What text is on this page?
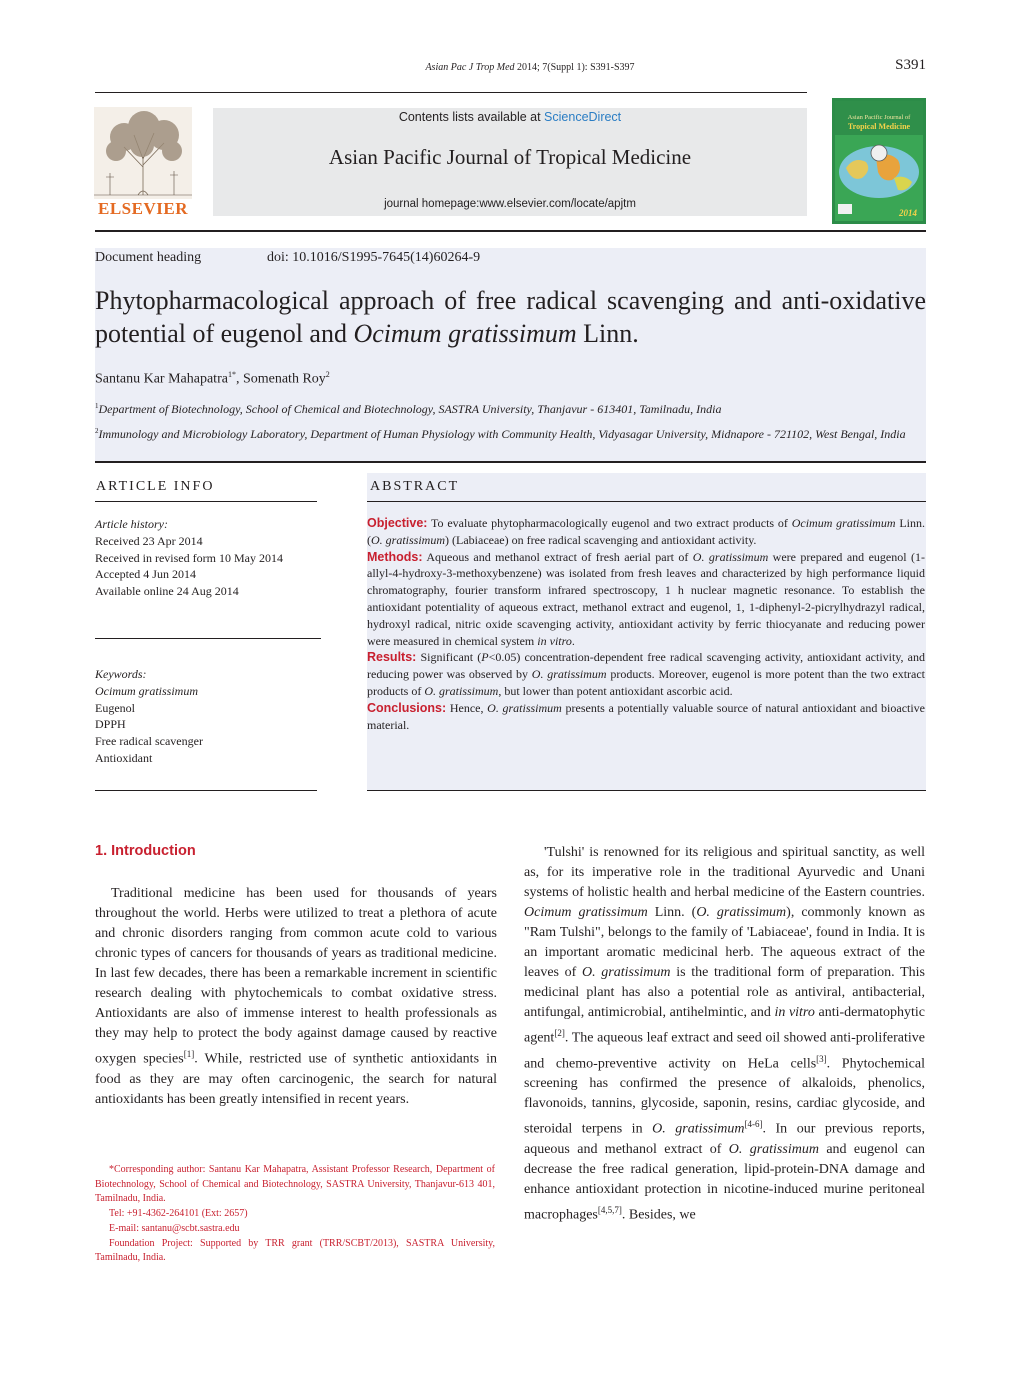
Asian Pac J Trop Med 2014; 7(Suppl 1): S391-S397	S391
ELSEVIER
Contents lists available at ScienceDirect
Asian Pacific Journal of Tropical Medicine
journal homepage:www.elsevier.com/locate/apjtm
Asian Pacific Journal of
Tropical Medicine
2014
Document heading	doi: 10.1016/S1995-7645(14)60264-9
Phytopharmacological approach of free radical scavenging and anti-oxidative potential of eugenol and Ocimum gratissimum Linn.
Santanu Kar Mahapatra$^{1*}$, Somenath Roy$^2$
$^1$Department of Biotechnology, School of Chemical and Biotechnology, SASTRA University, Thanjavur - 613401, Tamilnadu, India
$^2$Immunology and Microbiology Laboratory, Department of Human Physiology with Community Health, Vidyasagar University, Midnapore - 721102, West Bengal, India
ARTICLE INFO
Article history:
Received 23 Apr 2014
Received in revised form 10 May 2014
Accepted 4 Jun 2014
Available online 24 Aug 2014
Keywords:
Ocimum gratissimum
Eugenol
DPPH
Free radical scavenger
Antioxidant
ABSTRACT
Objective: To evaluate phytopharmacologically eugenol and two extract products of Ocimum gratissimum Linn. (O. gratissimum) (Labiaceae) on free radical scavenging and antioxidant activity.
Methods: Aqueous and methanol extract of fresh aerial part of O. gratissimum were prepared and eugenol (1-allyl-4-hydroxy-3-methoxybenzene) was isolated from fresh leaves and characterized by high performance liquid chromatography, fourier transform infrared spectroscopy, 1 h nuclear magnetic resonance. To establish the antioxidant potentiality of aqueous extract, methanol extract and eugenol, 1, 1-diphenyl-2-picrylhydrazyl radical, hydroxyl radical, nitric oxide scavenging activity, antioxidant activity by ferric thiocyanate and reducing power were measured in chemical system in vitro.
Results: Significant (P<0.05) concentration-dependent free radical scavenging activity, antioxidant activity, and reducing power was observed by O. gratissimum products. Moreover, eugenol is more potent than the two extract products of O. gratissimum, but lower than potent antioxidant ascorbic acid.
Conclusions: Hence, O. gratissimum presents a potentially valuable source of natural antioxidant and bioactive material.
1. Introduction

Traditional medicine has been used for thousands of years throughout the world. Herbs were utilized to treat a plethora of acute and chronic disorders ranging from common acute cold to various chronic types of cancers for thousands of years as traditional medicine. In last few decades, there has been a remarkable increment in scientific research dealing with phytochemicals to combat oxidative stress. Antioxidants are also of immense interest to health professionals as they may help to protect the body against damage caused by reactive oxygen species[1]. While, restricted use of synthetic antioxidants in food as they are may often carcinogenic, the search for natural antioxidants has been greatly intensified in recent years.

'Tulshi' is renowned for its religious and spiritual sanctity, as well as, for its imperative role in the traditional Ayurvedic and Unani systems of holistic health and herbal medicine of the Eastern countries. Ocimum gratissimum Linn. (O. gratissimum), commonly known as "Ram Tulshi", belongs to the family of 'Labiaceae', found in India. It is an important aromatic medicinal herb. The aqueous extract of the leaves of O. gratissimum is the traditional form of preparation. This medicinal plant has also a potential role as antiviral, antibacterial, antifungal, antimicrobial, antihelmintic, and in vitro anti-dermatophytic agent[2]. The aqueous leaf extract and seed oil showed anti-proliferative and chemo-preventive activity on HeLa cells[3]. Phytochemical screening has confirmed the presence of alkaloids, phenolics, flavonoids, tannins, glycoside, saponin, resins, cardiac glycoside, and steroidal terpens in O. gratissimum[4-6]. In our previous reports, aqueous and methanol extract of O. gratissimum and eugenol can decrease the free radical generation, lipid-protein-DNA damage and enhance antioxidant protection in nicotine-induced murine peritoneal macrophages[4,5,7]. Besides, we

*Corresponding author: Santanu Kar Mahapatra, Assistant Professor Research, Department of Biotechnology, School of Chemical and Biotechnology, SASTRA University, Thanjavur-613 401, Tamilnadu, India.
Tel: +91-4362-264101 (Ext: 2657)
E-mail: santanu@scbt.sastra.edu
Foundation Project: Supported by TRR grant (TRR/SCBT/2013), SASTRA University, Tamilnadu, India.
